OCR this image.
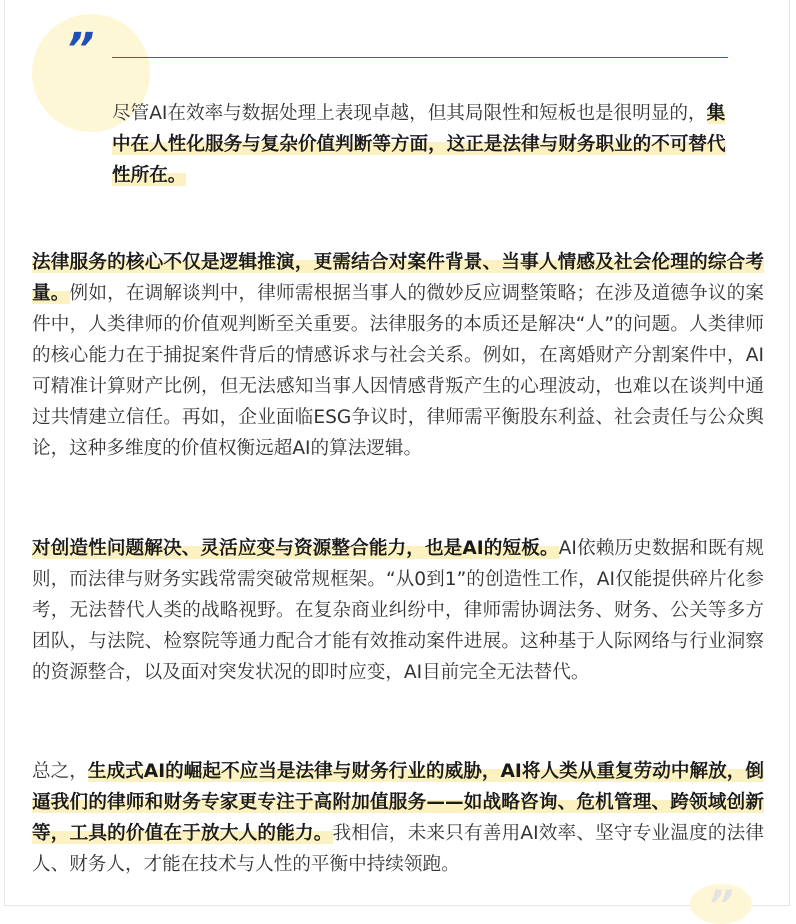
”

尽管AI在效率与数据处理上表现卓越，但其局限性和短板也是很明显的，集中在人性化服务与复杂价值判断等方面，这正是法律与财务职业的不可替代性所在。

法律服务的核心不仅是逻辑推演，更需结合对案件背景、当事人情感及社会伦理的综合考量。例如，在调解谈判中，律师需根据当事人的微妙反应调整策略；在涉及道德争议的案件中，人类律师的价值观判断至关重要。法律服务的本质还是解决“人”的问题。人类律师的核心能力在于捕捉案件背后的情感诉求与社会关系。例如，在离婚财产分割案件中，AI可精准计算财产比例，但无法感知当事人因情感背叛产生的心理波动，也难以在谈判中通过共情建立信任。再如，企业面临ESG争议时，律师需平衡股东利益、社会责任与公众舆论，这种多维度的价值权衡远超AI的算法逻辑。

对创造性问题解决、灵活应变与资源整合能力，也是AI的短板。AI依赖历史数据和既有规则，而法律与财务实践常需突破常规框架。“从0到1”的创造性工作，AI仅能提供碎片化参考，无法替代人类的战略视野。在复杂商业纠纷中，律师需协调法务、财务、公关等多方团队，与法院、检察院等通力配合才能有效推动案件进展。这种基于人际网络与行业洞察的资源整合，以及面对突发状况的即时应变，AI目前完全无法替代。

总之，生成式AI的崛起不应当是法律与财务行业的威胁，AI将人类从重复劳动中解放，倒逼我们的律师和财务专家更专注于高附加值服务——如战略咨询、危机管理、跨领域创新等，工具的价值在于放大人的能力。我相信，未来只有善用AI效率、坚守专业温度的法律人、财务人，才能在技术与人性的平衡中持续领跑。

”
